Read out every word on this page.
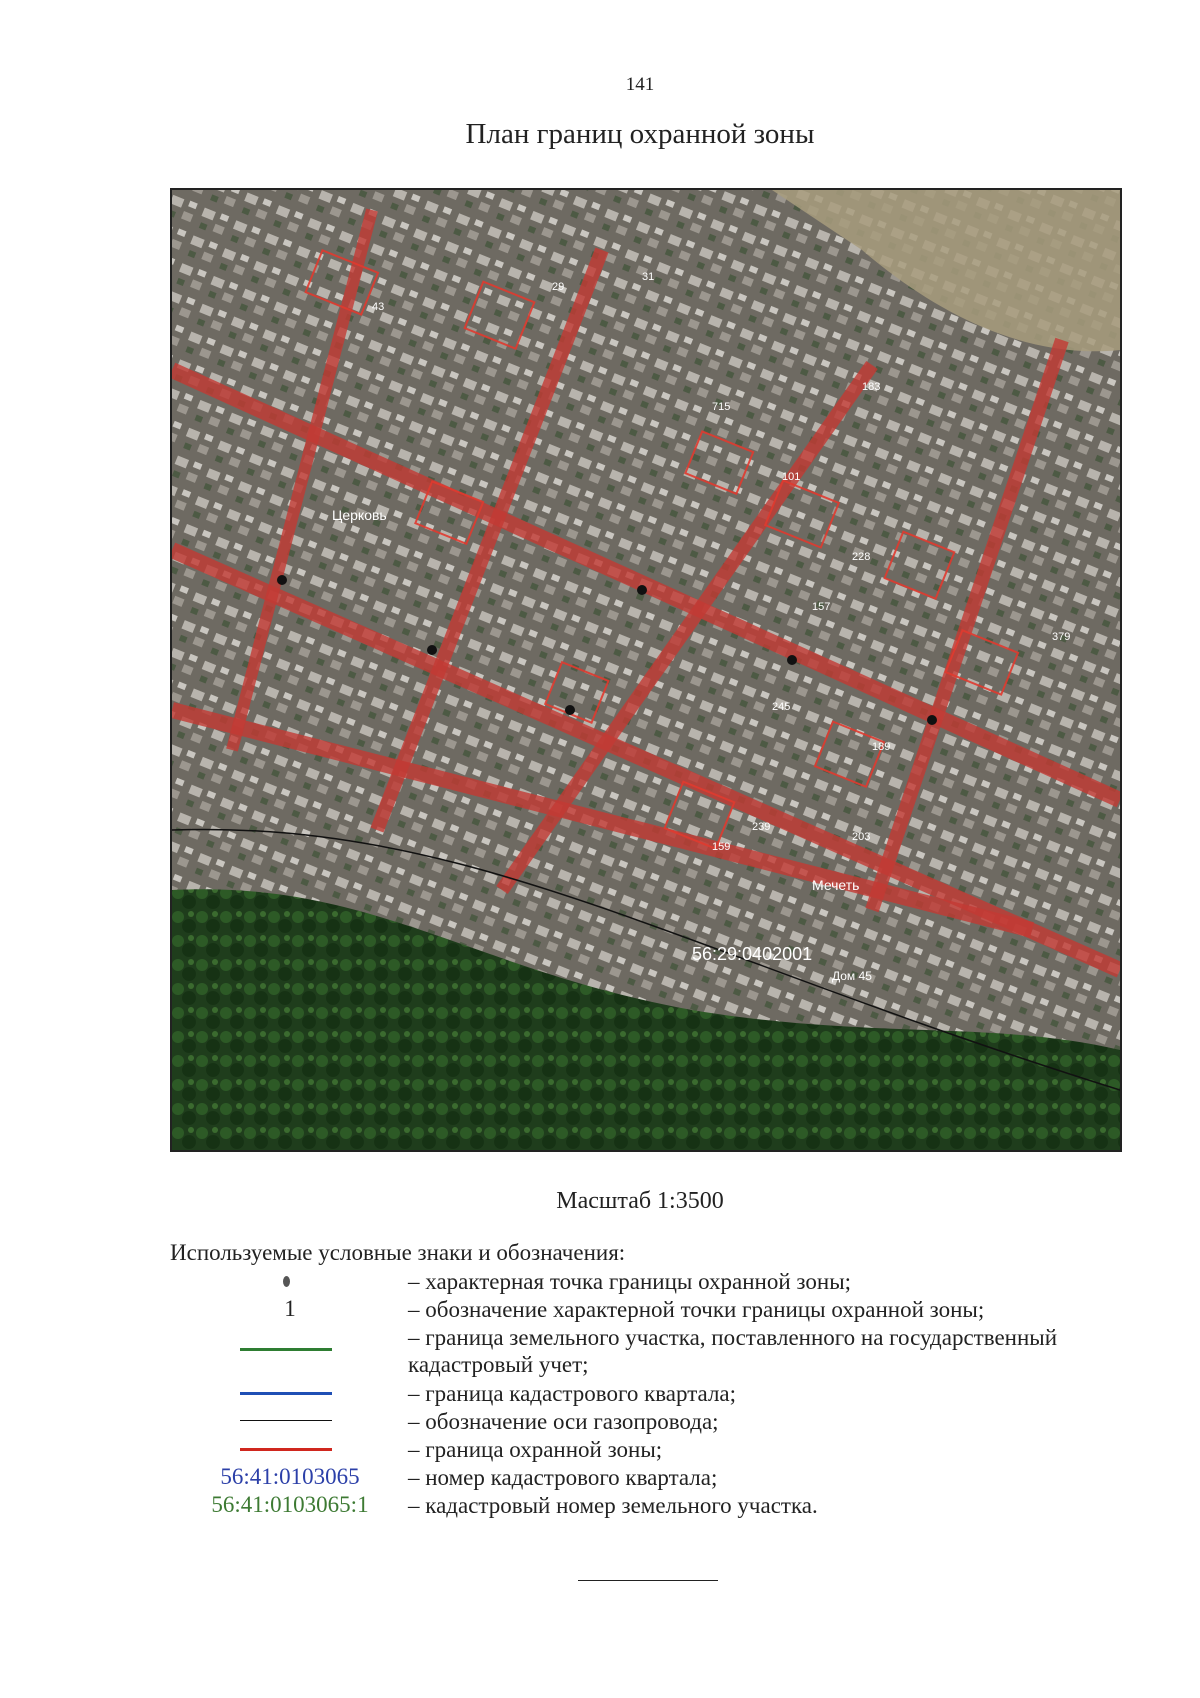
141
План границ охранной зоны
56:29:0402001
Церковь
Мечеть
Дом 45
43
29
31
183
379
715
101
157
228
245
239
203
189
159
Масштаб 1:3500
Используемые условные знаки и обозначения:
– характерная точка границы охранной зоны;
1	– обозначение характерной точки границы охранной зоны;
– граница земельного участка, поставленного на государственный кадастровый учет;
– граница кадастрового квартала;
– обозначение оси газопровода;
– граница охранной зоны;
56:41:0103065	– номер кадастрового квартала;
56:41:0103065:1	– кадастровый номер земельного участка.
